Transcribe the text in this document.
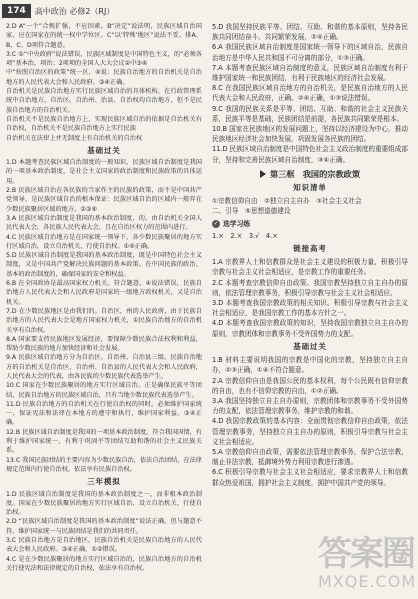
174	高中政治 必修2（RJ）

2.D A“一个”合规扩强，不应因素。B“决定”说法明，民族区域自治国家，应在国家在的统一权中学位区。C“以‘特殊’地区”说法不妥。排A、B、C、D项符合题意。

3.C ①“中央政府”说法错误，民族区域制度是中国特色主义，的“必须各项”基本治，项治；2项项的全国人大大会议②中③④

中“按照自治区的政策”统一区，④说：民族自治地方的自治机关是自治地方的人民代表大会和人民政府。③④正确。

自治机关是民族自治地方实行民族区域自治的具体机构，在行政管理系统中自治地方，自治区，自治州、治县、自治权均自治地方，但不是民族自治地方的自治机关。

自治机关不是民族自治地方上，实现民族区域自治的依据是自治机关有自治权，自治机关不是民族自治地方上实行民族

自治机关在法律上并无制度上有自治机关的自治权

基础过关

1.D 本题考查民族区域自治制度的一般知识，民族区域自治制度是我国的一项基本政治制度，是社会主义国家的政治制度和民族政策的具体运用。

2.B 民族区域自治在各民族的当家作主的民族的政策，而不是中国共产党领导，是民族区域自治的根本保证：民族区域自治的区域内一般存在少数民族聚居区域的地方。②③④

3.A 民族区域自治制度是我国的基本政治制度，的，由自治机关全国人民代表大会，各民族人民代表大会，且在自治区权力的范围内进行。

4.C 民族区域自治地方是在国家统一领导下，各少数民族聚居的地方实行区域自治，设立自治机关，行使自治权。①④正确。

5.D 民族区域自治制度是我国的基本政治制度，既是中国特色社会主义制度，又是中国共产党解决民族问题的基本政策，在中国民族的政治、基本的政治制度的，确保国家的安全和权益。

6.B 在全国政协是最高国家权力机关。符合题意，④说法错误，民族自治地方人民代表大会和人民政府是国家的一级地方政权机关，又是自治机关。

7.D 在少数民族地区是由我们的。自治区，州的人民政府，由于民族自治地方的人民代表大会是地方国家权力机关，①民族自治地方的自治机关享有自治权。

8.A 国家要支持民族地区发展经济，要保障少数民族合法权利和利益，帮助少数民族的地方加快经济和社会发展。

9.A 民族区域自治地方分为自治区、自治州、自治县三级。民族自治地方的自治机关是自治区、自治州、自治县的人民代表大会和人民政府，人民代表大会的代表，由各民族的少数民族代表选举产生。

10.C 国家在少数民族聚居的地方实行区域自治，正是确保民族平等团结，民族自治地方的民族区域自治，只有当地少数民族代表选举产生。

11.D 民族自治地方的自治机关在行使自治权的同时，必须维护国家统一，保证宪法和法律在本地方的遵守和执行，维护国家利益。③④正确。

12.B 民族区域自治制度是我国的一项基本政治制度，符合我国国情，有利于维护国家统一，有利于巩固平等团结互助和谐的社会主义民族关系。

13.C 我国民族团结的主要内容为少数民族自治，依法自治团结，在法律规定范围内行使自治权，依法享有民族自治权。

三年模拟

1.D 民族区域自治制度是我国的基本政治制度之一，而非根本政治制度。国家在少数民族聚居的地方实行区域自治，设立自治机关，行使自治权。

2.D “民族区域自治制度是我国的基本政治制度”说法正确，但与题意不符。维护国家统一与民族团结是我们的共同责任。

3.C 民族自治地方是自治地区，民族自治机关是民族自治地方的人民代表大会和人民政府。③④正确，①②错误。

4.C 是在少数民族聚居的地方实行区域自治的，民族自治地方的自治机关行使宪法和法律规定的自治权，依法享有自治权。

5.D 我国坚持民族平等、团结、互助、和谐的基本原则，坚持各民族共同团结奋斗、共同繁荣发展，②④正确。

6.A 我国民族区域自治制度是国家统一领导下的区域自治，民族自治地方是中华人民共和国不可分离的部分，①③正确。

7.A 本题考查民族区域自治制度的意义，民族区域自治制度有利于维护国家统一和民族团结，有利于民族地区的经济社会发展。

8.C 在我国民族区域自治地方的自治机关，是民族自治地方的人民代表大会和人民政府，正确。②④正确，①③说法错误。

9.C 我国的民族关系是平等、团结、互助、和谐的社会主义民族关系，民族平等是基础，民族团结是前提，各民族共同繁荣是根本。

10.B 国家在民族地区的发展问题上，坚持以经济建设为中心，推动民族地区经济社会加快发展，巩固发展各民族的团结。

11.D 民族区域自治制度是中国特色社会主义政治制度的重要组成部分，坚持和完善民族区域自治制度，③④正确。

第三框　我国的宗教政策
知识清单

①宗教信仰自由　②独立自主自办　③社会主义社会

二、引导　⑤思想道德建设

✓ 选学习练

1.×　2.×　3.√　4.×

链接高考

1.A 宗教界人士和信教群众是社会主义建设的积极力量，积极引导宗教与社会主义社会相适应，是宗教工作的重要任务。

2.C 本题考查宗教信仰自由政策。我国宗教坚持独立自主自办的原则，依法管理宗教事务，积极引导宗教与社会主义社会相适应。

3.D 本题考查我国宗教政策的相关知识。积极引导宗教与社会主义社会相适应，是我国宗教工作的基本方针之一。

4.D 本题考查我国宗教政策的知识，坚持我国宗教独立自主自办的原则，宗教团体和宗教事务不受外国势力的支配。

基础过关

1.B 材料主要说明我国的宗教是中国化的宗教，坚持独立自主自办，②③正确，①④不符合题意。

2.A 宗教信仰自由是我国公民的基本权利，每个公民既有信仰宗教的自由，也有不信仰宗教的自由，①②正确。

3.A 我国坚持独立自主自办原则，宗教团体和宗教事务不受外国势力的支配，依法管理宗教事务，维护宗教的和谐。

4.D 我国宗教政策的基本内容：全面贯彻宗教信仰自由政策，依法管理宗教事务，坚持独立自主自办的原则，积极引导宗教与社会主义社会相适应。

5.A 宗教信仰自由政策，需要依法管理宗教事务，保护合法宗教，制止非法宗教，抵御境外势力利用宗教进行渗透。

6.C 积极引导宗教与社会主义社会相适应，要求宗教界人士和信教群众热爱祖国，拥护社会主义制度，拥护中国共产党的领导。

答案圈
MXQE.COM
